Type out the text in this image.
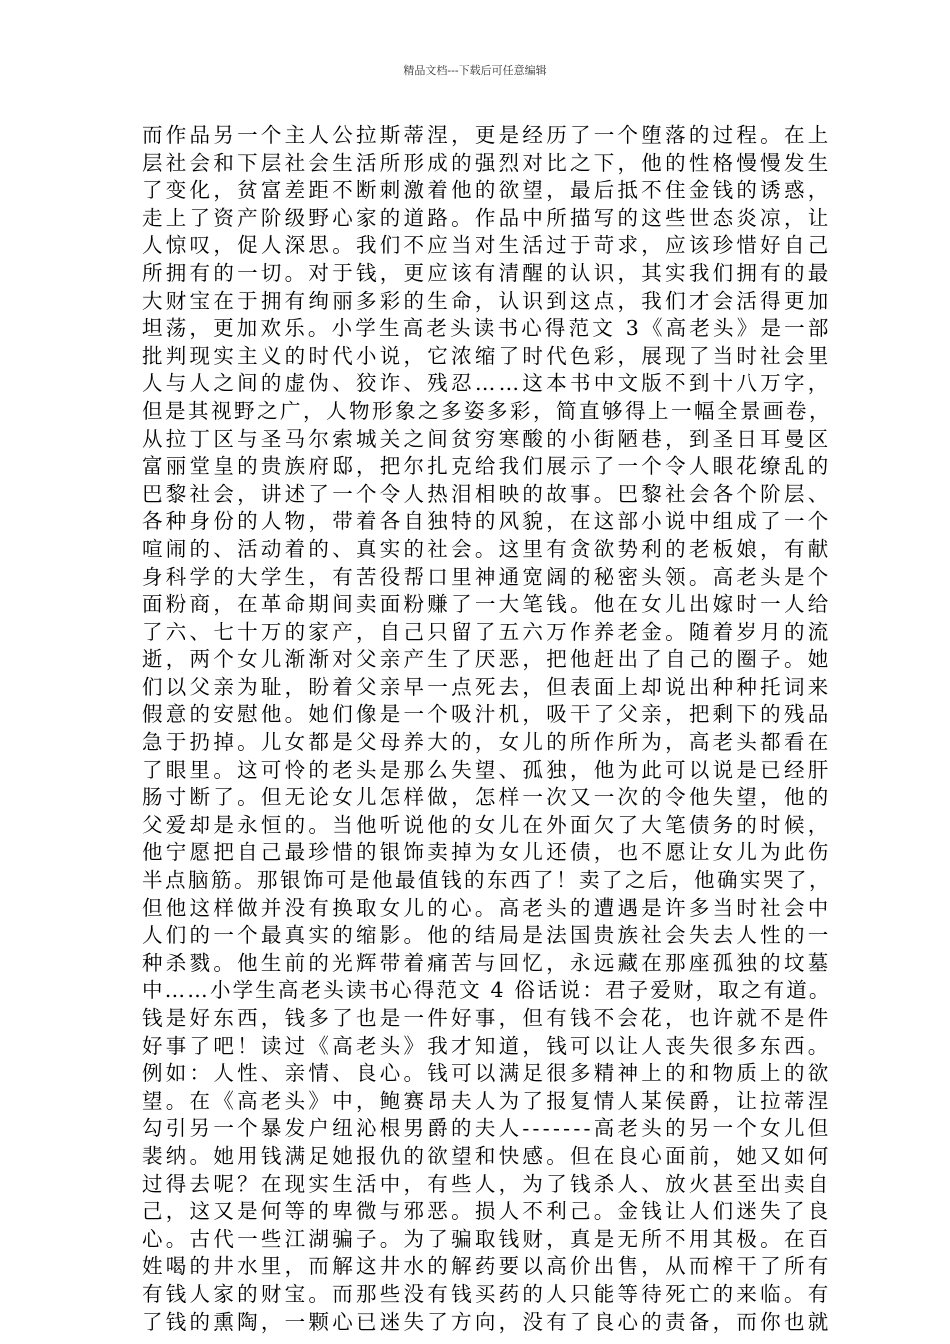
精品文档---下载后可任意编辑
而作品另一个主人公拉斯蒂涅，更是经历了一个堕落的过程。在上
层社会和下层社会生活所形成的强烈对比之下，他的性格慢慢发生
了变化，贫富差距不断刺激着他的欲望，最后抵不住金钱的诱惑，
走上了资产阶级野心家的道路。作品中所描写的这些世态炎凉，让
人惊叹，促人深思。我们不应当对生活过于苛求，应该珍惜好自己
所拥有的一切。对于钱，更应该有清醒的认识，其实我们拥有的最
大财宝在于拥有绚丽多彩的生命，认识到这点，我们才会活得更加
坦荡，更加欢乐。小学生高老头读书心得范文 3《高老头》是一部
批判现实主义的时代小说，它浓缩了时代色彩，展现了当时社会里
人与人之间的虚伪、狡诈、残忍……这本书中文版不到十八万字，
但是其视野之广，人物形象之多姿多彩，简直够得上一幅全景画卷，
从拉丁区与圣马尔索城关之间贫穷寒酸的小街陋巷，到圣日耳曼区
富丽堂皇的贵族府邸，把尔扎克给我们展示了一个令人眼花缭乱的
巴黎社会，讲述了一个令人热泪相映的故事。巴黎社会各个阶层、
各种身份的人物，带着各自独特的风貌，在这部小说中组成了一个
喧闹的、活动着的、真实的社会。这里有贪欲势利的老板娘，有献
身科学的大学生，有苦役帮口里神通宽阔的秘密头领。高老头是个
面粉商，在革命期间卖面粉赚了一大笔钱。他在女儿出嫁时一人给
了六、七十万的家产，自己只留了五六万作养老金。随着岁月的流
逝，两个女儿渐渐对父亲产生了厌恶，把他赶出了自己的圈子。她
们以父亲为耻，盼着父亲早一点死去，但表面上却说出种种托词来
假意的安慰他。她们像是一个吸汁机，吸干了父亲，把剩下的残品
急于扔掉。儿女都是父母养大的，女儿的所作所为，高老头都看在
了眼里。这可怜的老头是那么失望、孤独，他为此可以说是已经肝
肠寸断了。但无论女儿怎样做，怎样一次又一次的令他失望，他的
父爱却是永恒的。当他听说他的女儿在外面欠了大笔债务的时候，
他宁愿把自己最珍惜的银饰卖掉为女儿还债，也不愿让女儿为此伤
半点脑筋。那银饰可是他最值钱的东西了！卖了之后，他确实哭了，
但他这样做并没有换取女儿的心。高老头的遭遇是许多当时社会中
人们的一个最真实的缩影。他的结局是法国贵族社会失去人性的一
种杀戮。他生前的光辉带着痛苦与回忆，永远藏在那座孤独的坟墓
中……小学生高老头读书心得范文 4 俗话说：君子爱财，取之有道。
钱是好东西，钱多了也是一件好事，但有钱不会花，也许就不是件
好事了吧！读过《高老头》我才知道，钱可以让人丧失很多东西。
例如：人性、亲情、良心。钱可以满足很多精神上的和物质上的欲
望。在《高老头》中，鲍赛昂夫人为了报复情人某侯爵，让拉蒂涅
勾引另一个暴发户纽沁根男爵的夫人-------高老头的另一个女儿但
裴纳。她用钱满足她报仇的欲望和快感。但在良心面前，她又如何
过得去呢？在现实生活中，有些人，为了钱杀人、放火甚至出卖自
己，这又是何等的卑微与邪恶。损人不利己。金钱让人们迷失了良
心。古代一些江湖骗子。为了骗取钱财，真是无所不用其极。在百
姓喝的井水里，而解这井水的解药要以高价出售，从而榨干了所有
有钱人家的财宝。而那些没有钱买药的人只能等待死亡的来临。有
了钱的熏陶，一颗心已迷失了方向，没有了良心的责备，而你也就
